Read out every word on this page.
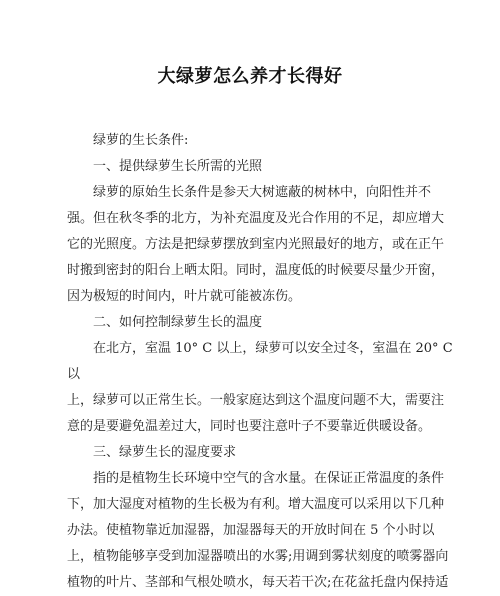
大绿萝怎么养才长得好
绿萝的生长条件:
一、提供绿萝生长所需的光照
绿萝的原始生长条件是参天大树遮蔽的树林中，向阳性并不
强。但在秋冬季的北方，为补充温度及光合作用的不足，却应增大
它的光照度。方法是把绿萝摆放到室内光照最好的地方，或在正午
时搬到密封的阳台上晒太阳。同时，温度低的时候要尽量少开窗，
因为极短的时间内，叶片就可能被冻伤。
二、如何控制绿萝生长的温度
在北方，室温 10° C 以上，绿萝可以安全过冬，室温在 20° C
以
上，绿萝可以正常生长。一般家庭达到这个温度问题不大，需要注
意的是要避免温差过大，同时也要注意叶子不要靠近供暖设备。
三、绿萝生长的湿度要求
指的是植物生长环境中空气的含水量。在保证正常温度的条件
下，加大湿度对植物的生长极为有利。增大温度可以采用以下几种
办法。使植物靠近加湿器，加湿器每天的开放时间在 5 个小时以
上，植物能够享受到加湿器喷出的水雾;用调到雾状刻度的喷雾器向
植物的叶片、茎部和气根处喷水，每天若干次;在花盆托盘内保持适
